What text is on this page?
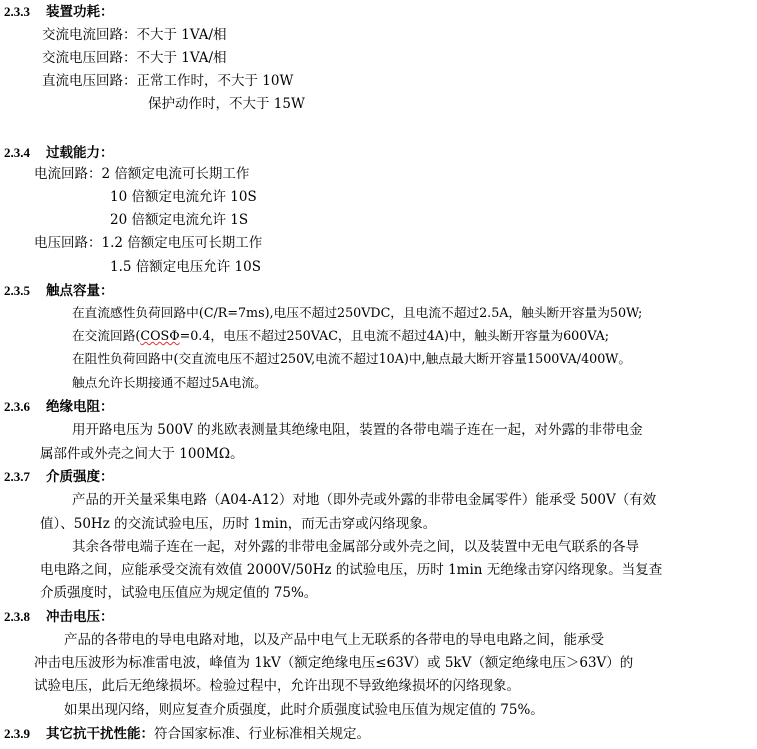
2.3.3 装置功耗：
交流电流回路：不大于 1VA/相
交流电压回路：不大于 1VA/相
直流电压回路：正常工作时，不大于 10W
保护动作时，不大于 15W
2.3.4 过载能力：
电流回路：2 倍额定电流可长期工作
10 倍额定电流允许 10S
20 倍额定电流允许 1S
电压回路：1.2 倍额定电压可长期工作
1.5 倍额定电压允许 10S
2.3.5 触点容量：
在直流感性负荷回路中(C/R=7ms),电压不超过250VDC，且电流不超过2.5A，触头断开容量为50W;
在交流回路(COSΦ=0.4，电压不超过250VAC，且电流不超过4A)中，触头断开容量为600VA;
在阻性负荷回路中(交直流电压不超过250V,电流不超过10A)中,触点最大断开容量1500VA/400W。
触点允许长期接通不超过5A电流。
2.3.6 绝缘电阻：
用开路电压为 500V 的兆欧表测量其绝缘电阻，装置的各带电端子连在一起，对外露的非带电金
属部件或外壳之间大于 100MΩ。
2.3.7 介质强度：
产品的开关量采集电路（A04-A12）对地（即外壳或外露的非带电金属零件）能承受 500V（有效
值）、50Hz 的交流试验电压，历时 1min，而无击穿或闪络现象。
其余各带电端子连在一起，对外露的非带电金属部分或外壳之间，以及装置中无电气联系的各导
电电路之间，应能承受交流有效值 2000V/50Hz 的试验电压，历时 1min 无绝缘击穿闪络现象。当复查
介质强度时，试验电压值应为规定值的 75%。
2.3.8 冲击电压：
产品的各带电的导电电路对地，以及产品中电气上无联系的各带电的导电电路之间，能承受
冲击电压波形为标准雷电波，峰值为 1kV（额定绝缘电压≤63V）或 5kV（额定绝缘电压＞63V）的
试验电压，此后无绝缘损坏。检验过程中，允许出现不导致绝缘损坏的闪络现象。
如果出现闪络，则应复查介质强度，此时介质强度试验电压值为规定值的 75%。
2.3.9 其它抗干扰性能：符合国家标准、行业标准相关规定。
